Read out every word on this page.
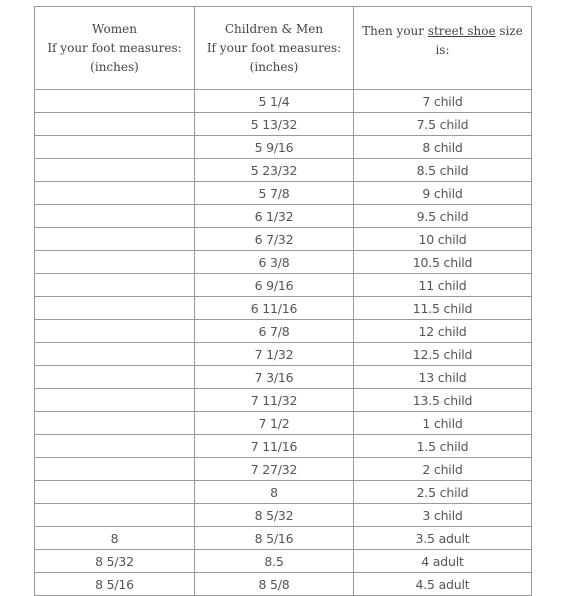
Women
If your foot measures:
(inches)	Children & Men
If your foot measures:
(inches)	Then your street shoe size
is:

	5 1/4	7 child
	5 13/32	7.5 child
	5 9/16	8 child
	5 23/32	8.5 child
	5 7/8	9 child
	6 1/32	9.5 child
	6 7/32	10 child
	6 3/8	10.5 child
	6 9/16	11 child
	6 11/16	11.5 child
	6 7/8	12 child
	7 1/32	12.5 child
	7 3/16	13 child
	7 11/32	13.5 child
	7 1/2	1 child
	7 11/16	1.5 child
	7 27/32	2 child
	8	2.5 child
	8 5/32	3 child
8	8 5/16	3.5 adult
8 5/32	8.5	4 adult
8 5/16	8 5/8	4.5 adult
